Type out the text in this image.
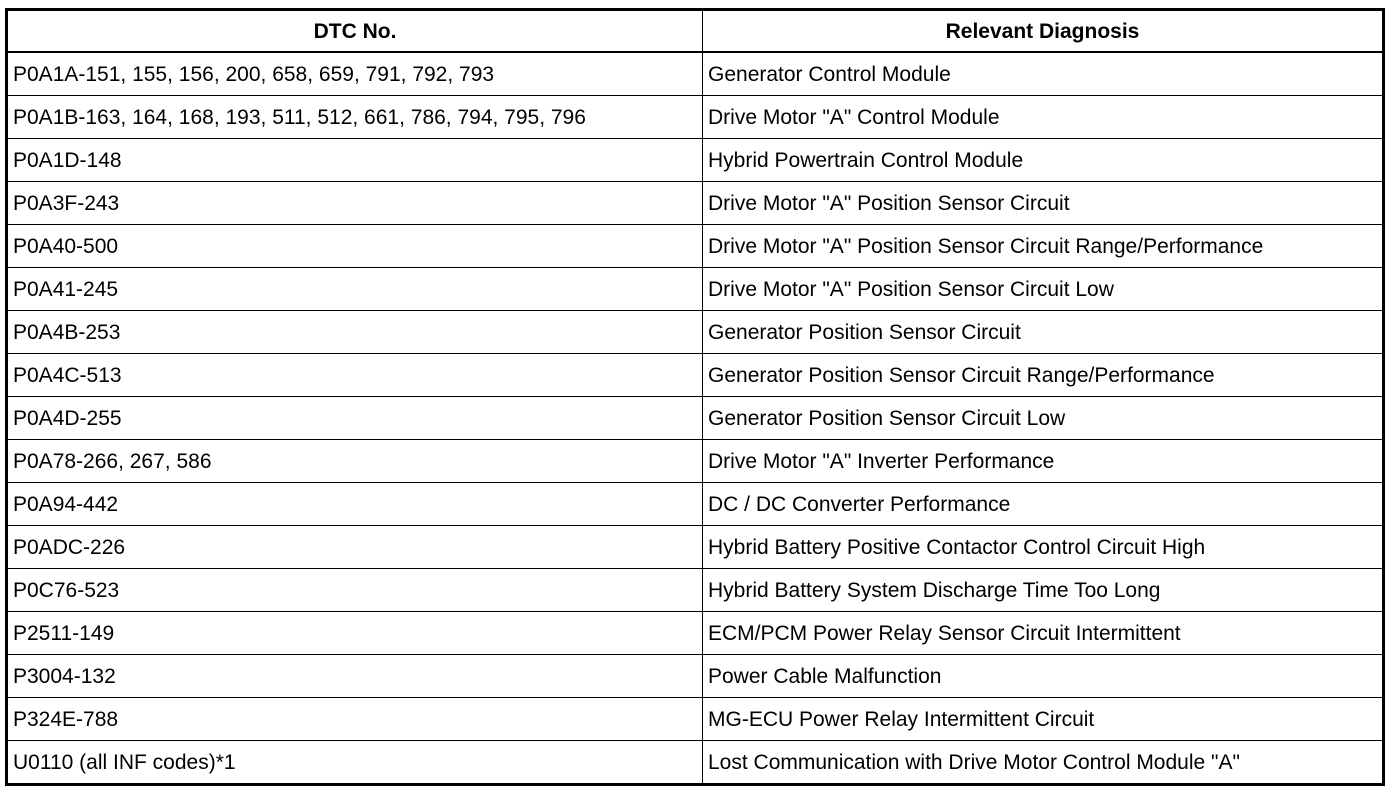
DTC No.	Relevant Diagnosis
P0A1A-151, 155, 156, 200, 658, 659, 791, 792, 793	Generator Control Module
P0A1B-163, 164, 168, 193, 511, 512, 661, 786, 794, 795, 796	Drive Motor "A" Control Module
P0A1D-148	Hybrid Powertrain Control Module
P0A3F-243	Drive Motor "A" Position Sensor Circuit
P0A40-500	Drive Motor "A" Position Sensor Circuit Range/Performance
P0A41-245	Drive Motor "A" Position Sensor Circuit Low
P0A4B-253	Generator Position Sensor Circuit
P0A4C-513	Generator Position Sensor Circuit Range/Performance
P0A4D-255	Generator Position Sensor Circuit Low
P0A78-266, 267, 586	Drive Motor "A" Inverter Performance
P0A94-442	DC / DC Converter Performance
P0ADC-226	Hybrid Battery Positive Contactor Control Circuit High
P0C76-523	Hybrid Battery System Discharge Time Too Long
P2511-149	ECM/PCM Power Relay Sensor Circuit Intermittent
P3004-132	Power Cable Malfunction
P324E-788	MG-ECU Power Relay Intermittent Circuit
U0110 (all INF codes)*1	Lost Communication with Drive Motor Control Module "A"
